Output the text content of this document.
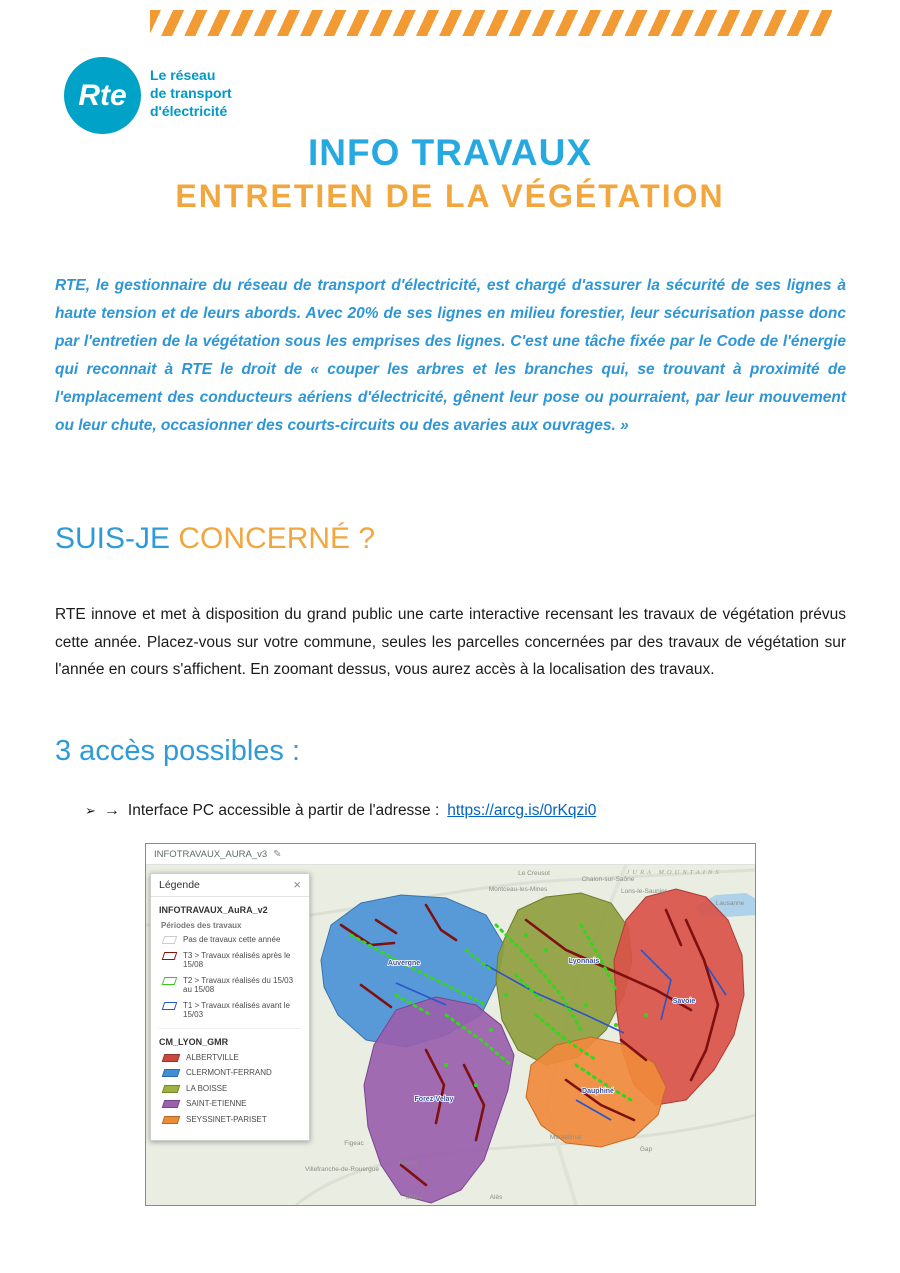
Rte
Le réseau
de transport
d'électricité
INFO TRAVAUX
ENTRETIEN DE LA VÉGÉTATION

RTE, le gestionnaire du réseau de transport d'électricité, est chargé d'assurer la sécurité de ses lignes à haute tension et de leurs abords. Avec 20% de ses lignes en milieu forestier, leur sécurisation passe donc par l'entretien de la végétation sous les emprises des lignes. C'est une tâche fixée par le Code de l'énergie qui reconnait à RTE le droit de « couper les arbres et les branches qui, se trouvant à proximité de l'emplacement des conducteurs aériens d'électricité, gênent leur pose ou pourraient, par leur mouvement ou leur chute, occasionner des courts-circuits ou des avaries aux ouvrages. »

SUIS-JE CONCERNÉ ?

RTE innove et met à disposition du grand public une carte interactive recensant les travaux de végétation prévus cette année. Placez-vous sur votre commune, seules les parcelles concernées par des travaux de végétation sur l'année en cours s'affichent. En zoomant dessus, vous aurez accès à la localisation des travaux.

3 accès possibles :
➢ → Interface PC accessible à partir de l'adresse : https://arcg.is/0rKqzi0
INFOTRAVAUX_AURA_v3 ✎
Auvergne	Lyonnais
Forez-Velay
Dauphiné
Savoie
Le Creusot
Chalon-sur-Saône
Montceau-les-Mines	Lons-le-Saunier
Lausanne
Villefranche-de-Rouergue
Rodez
Millau	Alès
Montélimar
Gap
Figeac
JURA MOUNTAINS
Légende	×
INFOTRAVAUX_AuRA_v2
Périodes des travaux
Pas de travaux cette année
T3 > Travaux réalisés après le 15/08
T2 > Travaux réalisés du 15/03 au 15/08
T1 > Travaux réalisés avant le 15/03
CM_LYON_GMR
ALBERTVILLE
CLERMONT-FERRAND
LA BOISSE
SAINT-ETIENNE
SEYSSINET-PARISET
